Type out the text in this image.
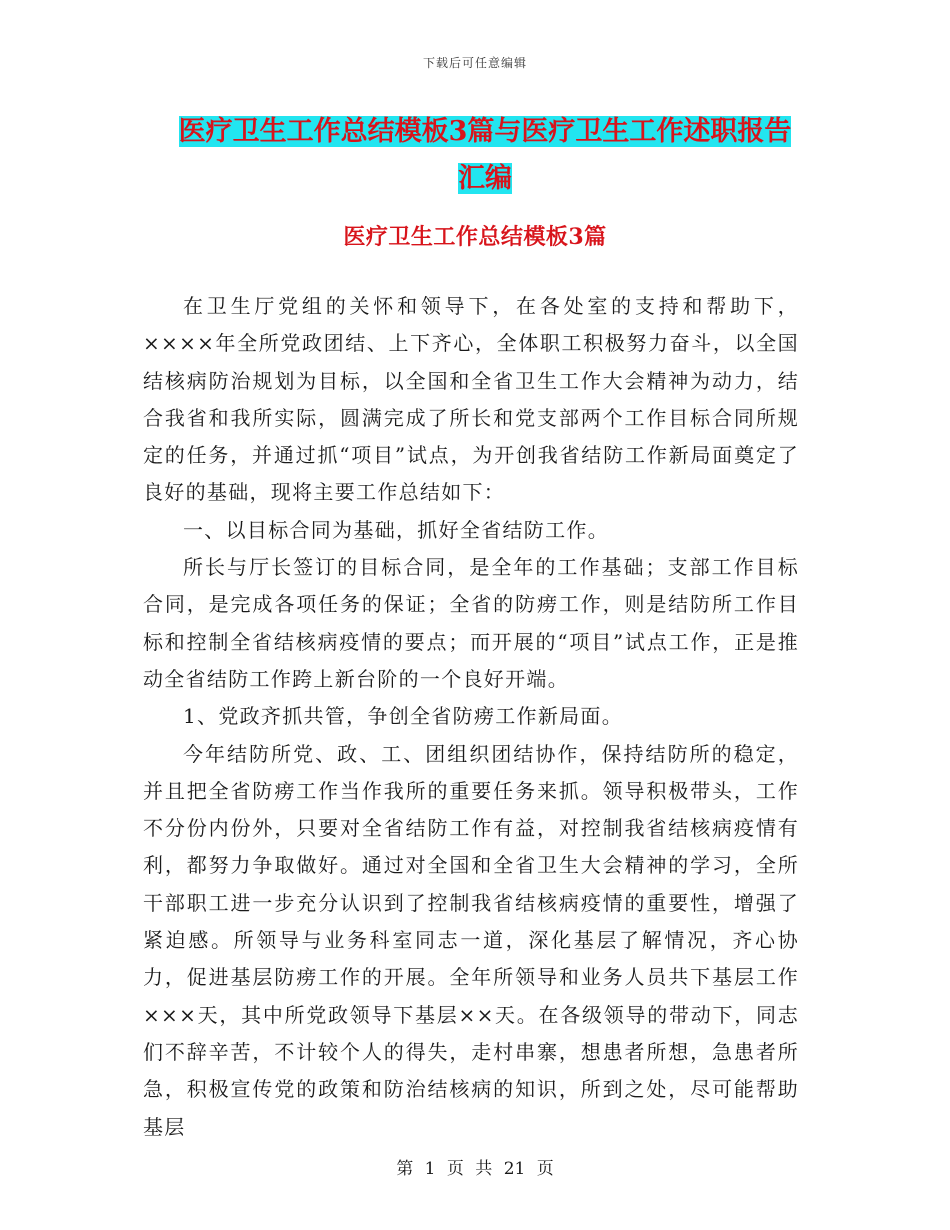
下载后可任意编辑
医疗卫生工作总结模板3篇与医疗卫生工作述职报告
汇编
医疗卫生工作总结模板3篇

在卫生厅党组的关怀和领导下，在各处室的支持和帮助下，××××年全所党政团结、上下齐心，全体职工积极努力奋斗，以全国结核病防治规划为目标，以全国和全省卫生工作大会精神为动力，结合我省和我所实际，圆满完成了所长和党支部两个工作目标合同所规定的任务，并通过抓“项目”试点，为开创我省结防工作新局面奠定了良好的基础，现将主要工作总结如下：

一、以目标合同为基础，抓好全省结防工作。

所长与厅长签订的目标合同，是全年的工作基础；支部工作目标合同，是完成各项任务的保证；全省的防痨工作，则是结防所工作目标和控制全省结核病疫情的要点；而开展的“项目”试点工作，正是推动全省结防工作跨上新台阶的一个良好开端。

1、党政齐抓共管，争创全省防痨工作新局面。

今年结防所党、政、工、团组织团结协作，保持结防所的稳定，并且把全省防痨工作当作我所的重要任务来抓。领导积极带头，工作不分份内份外，只要对全省结防工作有益，对控制我省结核病疫情有利，都努力争取做好。通过对全国和全省卫生大会精神的学习，全所干部职工进一步充分认识到了控制我省结核病疫情的重要性，增强了紧迫感。所领导与业务科室同志一道，深化基层了解情况，齐心协力，促进基层防痨工作的开展。全年所领导和业务人员共下基层工作×××天，其中所党政领导下基层××天。在各级领导的带动下，同志们不辞辛苦，不计较个人的得失，走村串寨，想患者所想，急患者所急，积极宣传党的政策和防治结核病的知识，所到之处，尽可能帮助基层

第 1 页 共 21 页
